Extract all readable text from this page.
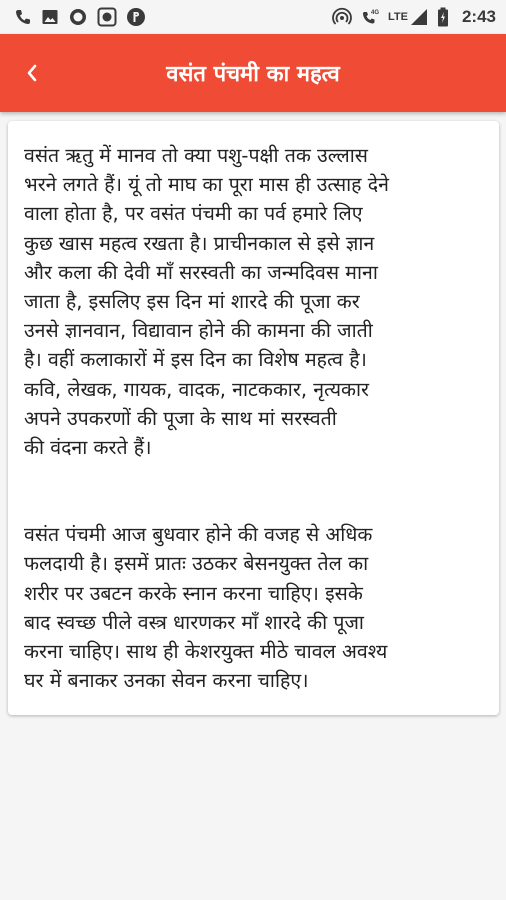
4G LTE	2:43
वसंत पंचमी का महत्व

वसंत ऋतु में मानव तो क्या पशु-पक्षी तक उल्लास
भरने लगते हैं। यूं तो माघ का पूरा मास ही उत्साह देने
वाला होता है, पर वसंत पंचमी का पर्व हमारे लिए
कुछ खास महत्व रखता है। प्राचीनकाल से इसे ज्ञान
और कला की देवी माँ सरस्वती का जन्मदिवस माना
जाता है, इसलिए इस दिन मां शारदे की पूजा कर
उनसे ज्ञानवान, विद्यावान होने की कामना की जाती
है। वहीं कलाकारों में इस दिन का विशेष महत्व है।
कवि, लेखक, गायक, वादक, नाटककार, नृत्यकार
अपने उपकरणों की पूजा के साथ मां सरस्वती
की वंदना करते हैं।

वसंत पंचमी आज बुधवार होने की वजह से अधिक
फलदायी है। इसमें प्रातः उठकर बेसनयुक्त तेल का
शरीर पर उबटन करके स्नान करना चाहिए। इसके
बाद स्वच्छ पीले वस्त्र धारणकर माँ शारदे की पूजा
करना चाहिए। साथ ही केशरयुक्त मीठे चावल अवश्य
घर में बनाकर उनका सेवन करना चाहिए।
